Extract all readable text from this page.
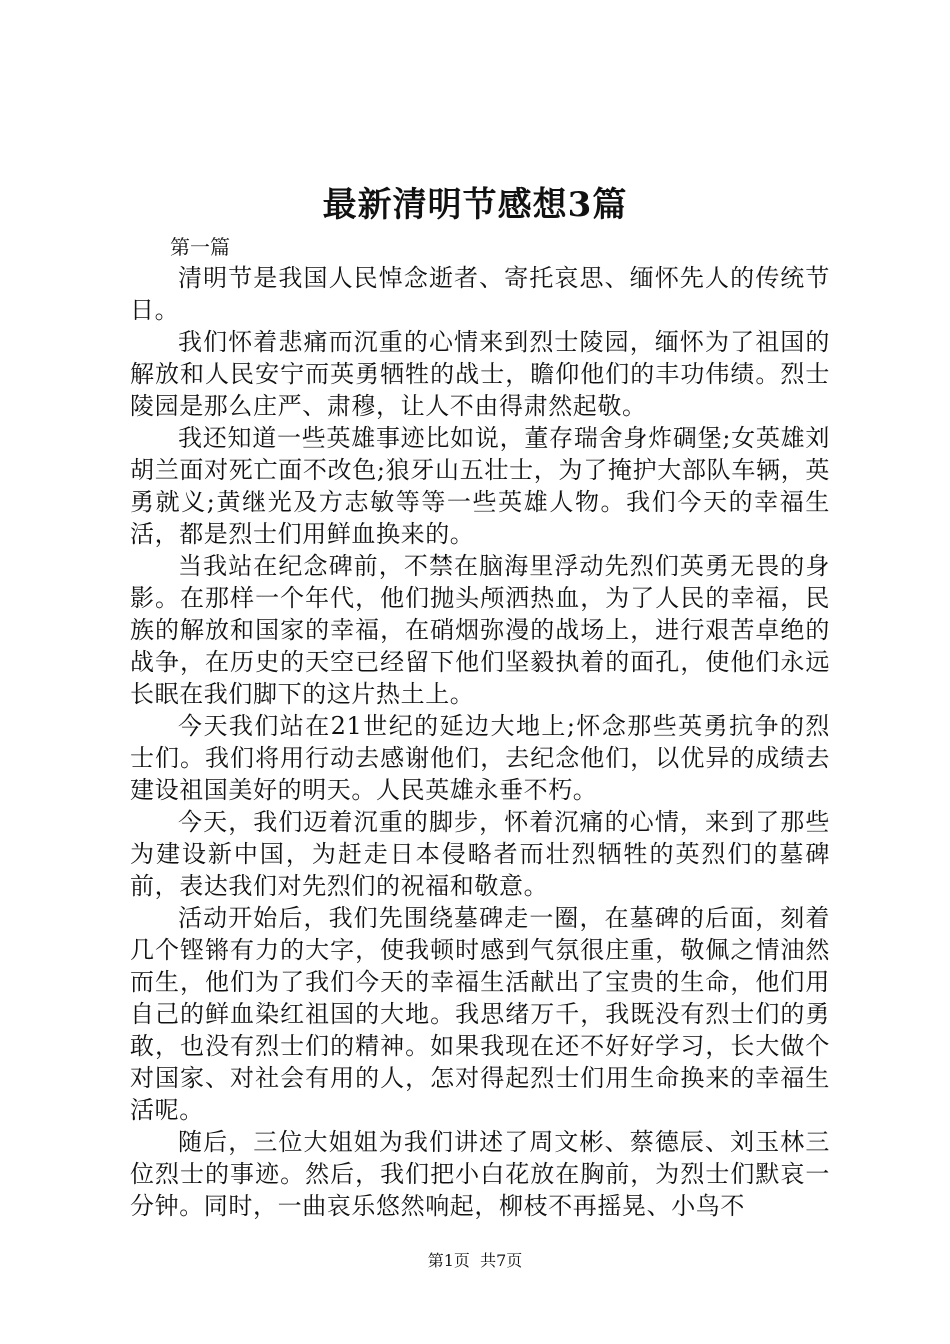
最新清明节感想3篇

第一篇

清明节是我国人民悼念逝者、寄托哀思、缅怀先人的传统节日。

我们怀着悲痛而沉重的心情来到烈士陵园，缅怀为了祖国的解放和人民安宁而英勇牺牲的战士，瞻仰他们的丰功伟绩。烈士陵园是那么庄严、肃穆，让人不由得肃然起敬。

我还知道一些英雄事迹比如说，董存瑞舍身炸碉堡;女英雄刘胡兰面对死亡面不改色;狼牙山五壮士，为了掩护大部队车辆，英勇就义;黄继光及方志敏等等一些英雄人物。我们今天的幸福生活，都是烈士们用鲜血换来的。

当我站在纪念碑前，不禁在脑海里浮动先烈们英勇无畏的身影。在那样一个年代，他们抛头颅洒热血，为了人民的幸福，民族的解放和国家的幸福，在硝烟弥漫的战场上，进行艰苦卓绝的战争，在历史的天空已经留下他们坚毅执着的面孔，使他们永远长眠在我们脚下的这片热土上。

今天我们站在21世纪的延边大地上;怀念那些英勇抗争的烈士们。我们将用行动去感谢他们，去纪念他们，以优异的成绩去建设祖国美好的明天。人民英雄永垂不朽。

今天，我们迈着沉重的脚步，怀着沉痛的心情，来到了那些为建设新中国，为赶走日本侵略者而壮烈牺牲的英烈们的墓碑前，表达我们对先烈们的祝福和敬意。

活动开始后，我们先围绕墓碑走一圈，在墓碑的后面，刻着几个铿锵有力的大字，使我顿时感到气氛很庄重，敬佩之情油然而生，他们为了我们今天的幸福生活献出了宝贵的生命，他们用自己的鲜血染红祖国的大地。我思绪万千，我既没有烈士们的勇敢，也没有烈士们的精神。如果我现在还不好好学习，长大做个对国家、对社会有用的人，怎对得起烈士们用生命换来的幸福生活呢。

随后，三位大姐姐为我们讲述了周文彬、蔡德辰、刘玉林三位烈士的事迹。然后，我们把小白花放在胸前，为烈士们默哀一分钟。同时，一曲哀乐悠然响起，柳枝不再摇晃、小鸟不

第1页  共7页
